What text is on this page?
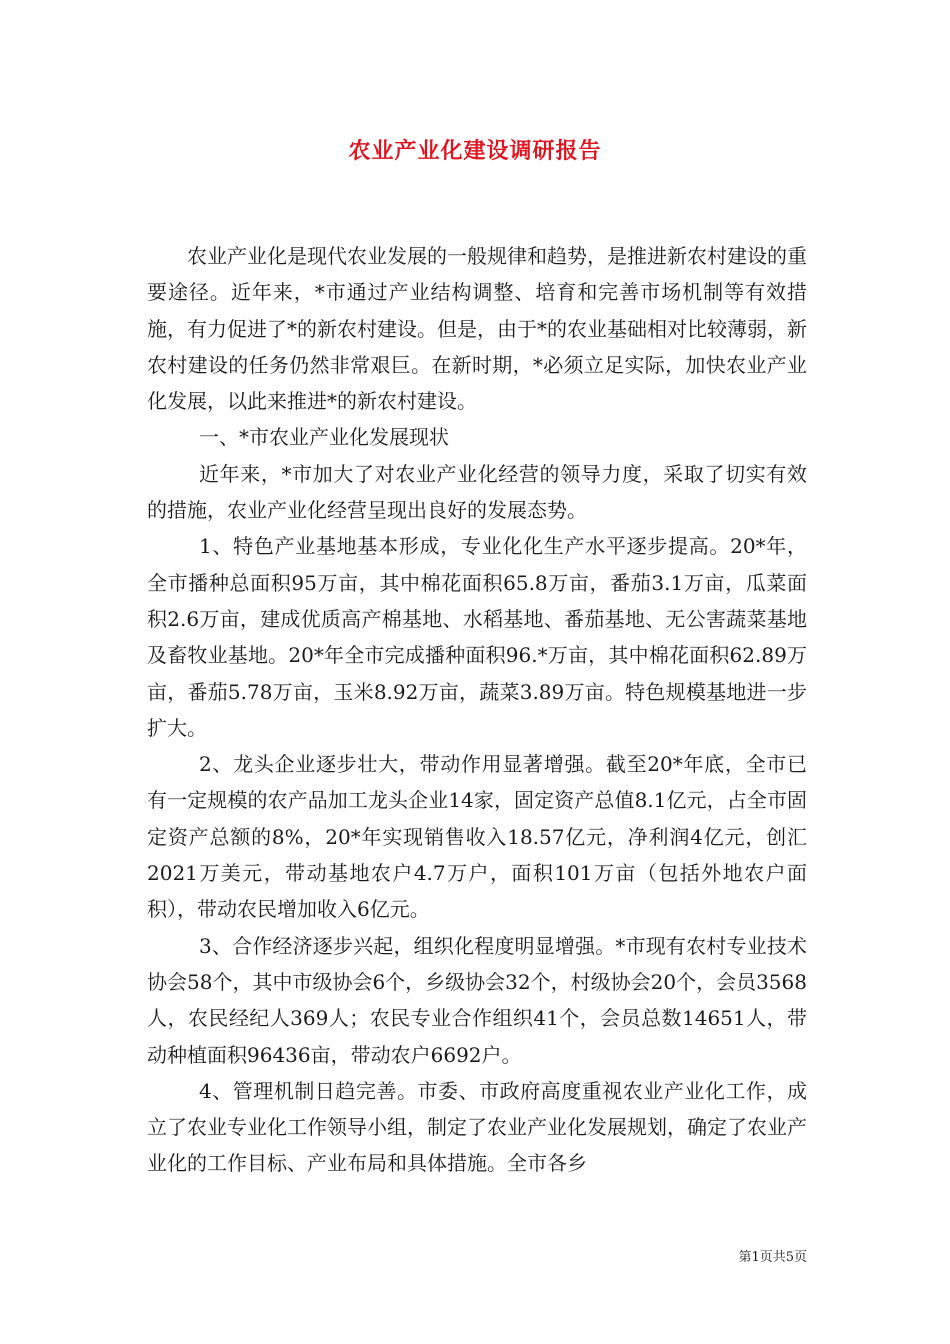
农业产业化建设调研报告

农业产业化是现代农业发展的一般规律和趋势，是推进新农村建设的重要途径。近年来，*市通过产业结构调整、培育和完善市场机制等有效措施，有力促进了*的新农村建设。但是，由于*的农业基础相对比较薄弱，新农村建设的任务仍然非常艰巨。在新时期，*必须立足实际，加快农业产业化发展，以此来推进*的新农村建设。

一、*市农业产业化发展现状

近年来，*市加大了对农业产业化经营的领导力度，采取了切实有效的措施，农业产业化经营呈现出良好的发展态势。

1、特色产业基地基本形成，专业化化生产水平逐步提高。20*年，全市播种总面积95万亩，其中棉花面积65.8万亩，番茄3.1万亩，瓜菜面积2.6万亩，建成优质高产棉基地、水稻基地、番茄基地、无公害蔬菜基地及畜牧业基地。20*年全市完成播种面积96.*万亩，其中棉花面积62.89万亩，番茄5.78万亩，玉米8.92万亩，蔬菜3.89万亩。特色规模基地进一步扩大。

2、龙头企业逐步壮大，带动作用显著增强。截至20*年底，全市已有一定规模的农产品加工龙头企业14家，固定资产总值8.1亿元，占全市固定资产总额的8%，20*年实现销售收入18.57亿元，净利润4亿元，创汇2021万美元，带动基地农户4.7万户，面积101万亩（包括外地农户面积），带动农民增加收入6亿元。

3、合作经济逐步兴起，组织化程度明显增强。*市现有农村专业技术协会58个，其中市级协会6个，乡级协会32个，村级协会20个，会员3568人，农民经纪人369人；农民专业合作组织41个，会员总数14651人，带动种植面积96436亩，带动农户6692户。

4、管理机制日趋完善。市委、市政府高度重视农业产业化工作，成立了农业专业化工作领导小组，制定了农业产业化发展规划，确定了农业产业化的工作目标、产业布局和具体措施。全市各乡

第1页共5页
